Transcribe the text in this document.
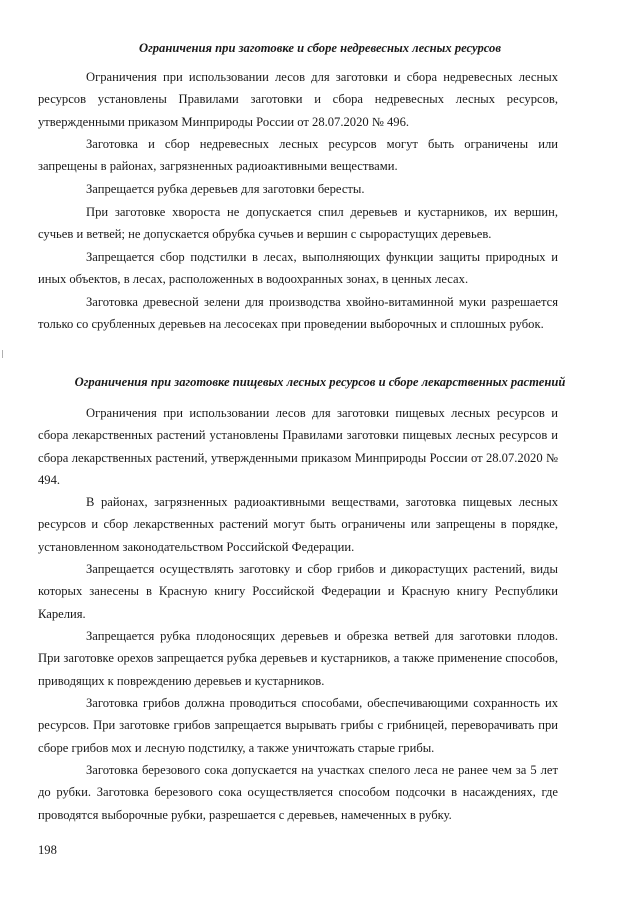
Ограничения при заготовке и сборе недревесных лесных ресурсов

Ограничения при использовании лесов для заготовки и сбора недревесных лесных ресурсов установлены Правилами заготовки и сбора недревесных лесных ресурсов, утвержденными приказом Минприроды России от 28.07.2020 № 496.

Заготовка и сбор недревесных лесных ресурсов могут быть ограничены или запрещены в районах, загрязненных радиоактивными веществами.

Запрещается рубка деревьев для заготовки бересты.

При заготовке хвороста не допускается спил деревьев и кустарников, их вершин, сучьев и ветвей; не допускается обрубка сучьев и вершин с сырорастущих деревьев.

Запрещается сбор подстилки в лесах, выполняющих функции защиты природных и иных объектов, в лесах, расположенных в водоохранных зонах, в ценных лесах.

Заготовка древесной зелени для производства хвойно-витаминной муки разрешается только со срубленных деревьев на лесосеках при проведении выборочных и сплошных рубок.

Ограничения при заготовке пищевых лесных ресурсов и сборе лекарственных растений

Ограничения при использовании лесов для заготовки пищевых лесных ресурсов и сбора лекарственных растений установлены Правилами заготовки пищевых лесных ресурсов и сбора лекарственных растений, утвержденными приказом Минприроды России от 28.07.2020 № 494.

В районах, загрязненных радиоактивными веществами, заготовка пищевых лесных ресурсов и сбор лекарственных растений могут быть ограничены или запрещены в порядке, установленном законодательством Российской Федерации.

Запрещается осуществлять заготовку и сбор грибов и дикорастущих растений, виды которых занесены в Красную книгу Российской Федерации и Красную книгу Республики Карелия.

Запрещается рубка плодоносящих деревьев и обрезка ветвей для заготовки плодов. При заготовке орехов запрещается рубка деревьев и кустарников, а также применение способов, приводящих к повреждению деревьев и кустарников.

Заготовка грибов должна проводиться способами, обеспечивающими сохранность их ресурсов. При заготовке грибов запрещается вырывать грибы с грибницей, переворачивать при сборе грибов мох и лесную подстилку, а также уничтожать старые грибы.

Заготовка березового сока допускается на участках спелого леса не ранее чем за 5 лет до рубки. Заготовка березового сока осуществляется способом подсочки в насаждениях, где проводятся выборочные рубки, разрешается с деревьев, намеченных в рубку.

198
